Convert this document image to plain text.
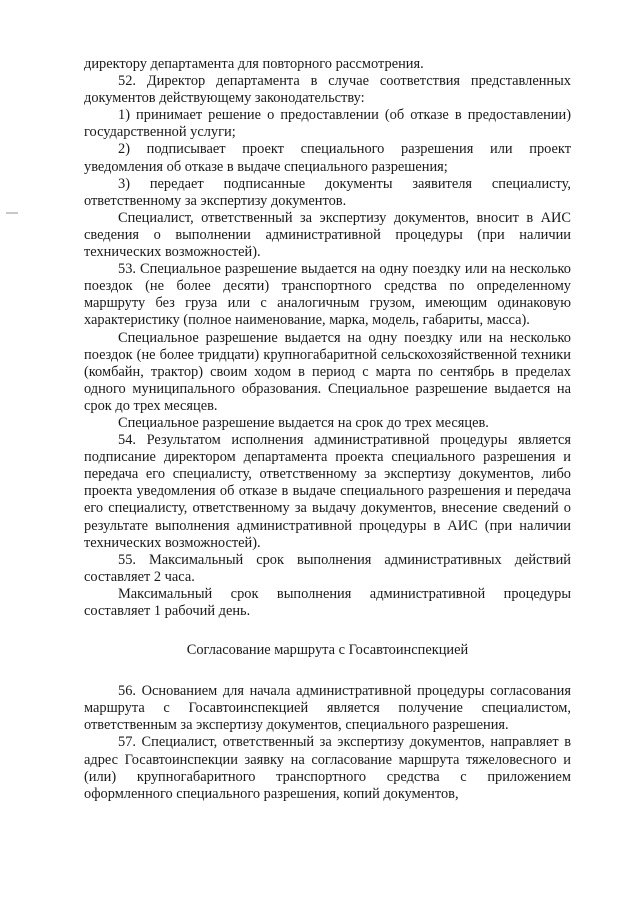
директору департамента для повторного рассмотрения.

52. Директор департамента в случае соответствия представленных документов действующему законодательству:

1) принимает решение о предоставлении (об отказе в предоставлении) государственной услуги;

2) подписывает проект специального разрешения или проект уведомления об отказе в выдаче специального разрешения;

3) передает подписанные документы заявителя специалисту, ответственному за экспертизу документов.

Специалист, ответственный за экспертизу документов, вносит в АИС сведения о выполнении административной процедуры (при наличии технических возможностей).

53. Специальное разрешение выдается на одну поездку или на несколько поездок (не более десяти) транспортного средства по определенному маршруту без груза или с аналогичным грузом, имеющим одинаковую характеристику (полное наименование, марка, модель, габариты, масса).

Специальное разрешение выдается на одну поездку или на несколько поездок (не более тридцати) крупногабаритной сельскохозяйственной техники (комбайн, трактор) своим ходом в период с марта по сентябрь в пределах одного муниципального образования. Специальное разрешение выдается на срок до трех месяцев.

Специальное разрешение выдается на срок до трех месяцев.

54. Результатом исполнения административной процедуры является подписание директором департамента проекта специального разрешения и передача его специалисту, ответственному за экспертизу документов, либо проекта уведомления об отказе в выдаче специального разрешения и передача его специалисту, ответственному за выдачу документов, внесение сведений о результате выполнения административной процедуры в АИС (при наличии технических возможностей).

55. Максимальный срок выполнения административных действий составляет 2 часа.

Максимальный срок выполнения административной процедуры составляет 1 рабочий день.

Согласование маршрута с Госавтоинспекцией

56. Основанием для начала административной процедуры согласования маршрута с Госавтоинспекцией является получение специалистом, ответственным за экспертизу документов, специального разрешения.

57. Специалист, ответственный за экспертизу документов, направляет в адрес Госавтоинспекции заявку на согласование маршрута тяжеловесного и (или) крупногабаритного транспортного средства с приложением оформленного специального разрешения, копий документов,
